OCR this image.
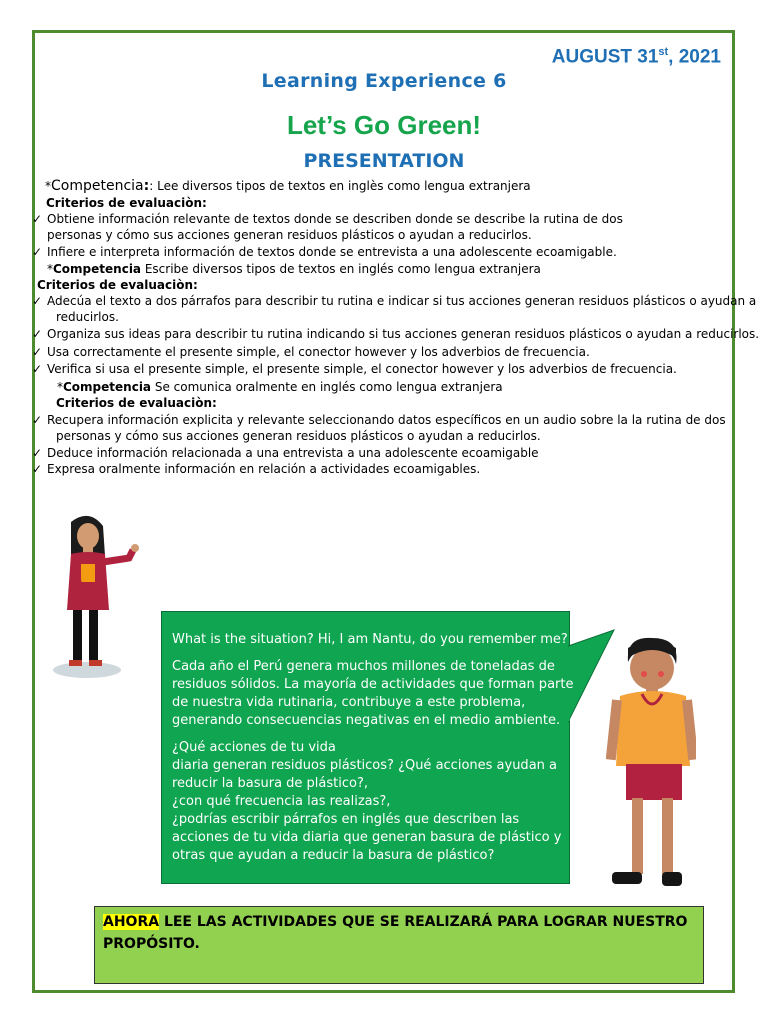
AUGUST 31st, 2021
Learning Experience 6
Let’s Go Green!
PRESENTATION
*Competencia:: Lee diversos tipos de textos en inglès como lengua extranjera
Criterios de evaluaciòn:
✓ Obtiene información relevante de textos donde se describen donde se describe la rutina de dos
personas y cómo sus acciones generan residuos plásticos o ayudan a reducirlos.
✓ Infiere e interpreta información de textos donde se entrevista a una adolescente ecoamigable.
*Competencia Escribe diversos tipos de textos en inglés como lengua extranjera
Criterios de evaluaciòn:
✓ Adecúa el texto a dos párrafos para describir tu rutina e indicar si tus acciones generan residuos plásticos o ayudan a
reducirlos.
✓ Organiza sus ideas para describir tu rutina indicando si tus acciones generan residuos plásticos o ayudan a reducirlos.
✓ Usa correctamente el presente simple, el conector however y los adverbios de frecuencia.
✓ Verifica si usa el presente simple, el presente simple, el conector however y los adverbios de frecuencia.
*Competencia Se comunica oralmente en inglés como lengua extranjera
Criterios de evaluaciòn:
✓ Recupera información explicita y relevante seleccionando datos específicos en un audio sobre la la rutina de dos
personas y cómo sus acciones generan residuos plásticos o ayudan a reducirlos.
✓ Deduce información relacionada a una entrevista a una adolescente ecoamigable
✓ Expresa oralmente información en relación a actividades ecoamigables.
What is the situation? Hi, I am Nantu, do you remember me?
Cada año el Perú genera muchos millones de toneladas de
residuos sólidos. La mayoría de actividades que forman parte
de nuestra vida rutinaria, contribuye a este problema,
generando consecuencias negativas en el medio ambiente.
¿Qué acciones de tu vida
diaria generan residuos plásticos? ¿Qué acciones ayudan a
reducir la basura de plástico?,
¿con qué frecuencia las realizas?,
¿podrías escribir párrafos en inglés que describen las
acciones de tu vida diaria que generan basura de plástico y
otras que ayudan a reducir la basura de plástico?
AHORA LEE LAS ACTIVIDADES QUE SE REALIZARÁ PARA LOGRAR NUESTRO
PROPÓSITO.
